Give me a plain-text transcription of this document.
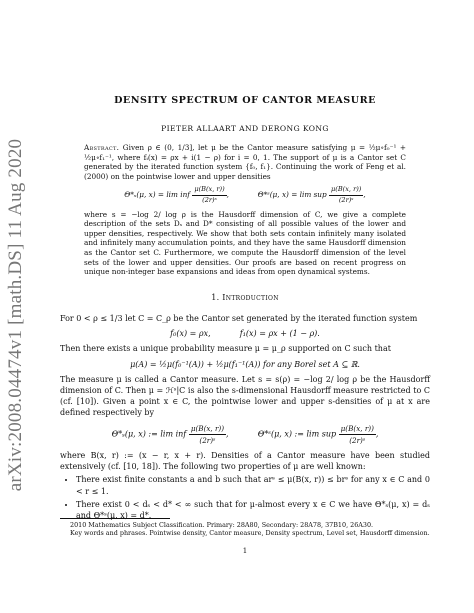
arXiv:2008.04474v1 [math.DS] 11 Aug 2020
DENSITY SPECTRUM OF CANTOR MEASURE
PIETER ALLAART AND DERONG KONG
Abstract. Given ρ ∈ (0, 1/3], let μ be the Cantor measure satisfying μ = ½μ∘f₀⁻¹ + ½μ∘f₁⁻¹, where fᵢ(x) = ρx + i(1 − ρ) for i = 0, 1. The support of μ is a Cantor set C generated by the iterated function system {f₀, f₁}. Continuing the work of Feng et al. (2000) on the pointwise lower and upper densities
Θ*ₛ(μ, x) = lim inf $\frac{\mu(B(x, r))}{\text{(2r)ˢ}}$ ,	Θ*ˢ(μ, x) = lim sup $\frac{\mu(B(x, r))}{\text{(2r)ˢ}}$ ,
where s = −log 2/ log ρ is the Hausdorff dimension of C, we give a complete description of the sets Dₛ and D* consisting of all possible values of the lower and upper densities, respectively. We show that both sets contain infinitely many isolated and infinitely many accumulation points, and they have the same Hausdorff dimension as the Cantor set C. Furthermore, we compute the Hausdorff dimension of the level sets of the lower and upper densities. Our proofs are based on recent progress on unique non-integer base expansions and ideas from open dynamical systems.
1. Introduction

For 0 < ρ ≤ 1/3 let C = C_ρ be the Cantor set generated by the iterated function system

f₀(x) = ρx,	f₁(x) = ρx + (1 − ρ).

Then there exists a unique probability measure μ = μ_ρ supported on C such that

μ(A) = ½μ(f₀⁻¹(A)) + ½μ(f₁⁻¹(A)) for any Borel set A ⊆ ℝ.

The measure μ is called a Cantor measure. Let s = s(ρ) = −log 2/ log ρ be the Hausdorff dimension of C. Then μ = ℋˢ|C is also the s-dimensional Hausdorff measure restricted to C (cf. [10]). Given a point x ∈ C, the pointwise lower and upper s-densities of μ at x are defined respectively by

Θ*ₛ(μ, x) := lim inf $\frac{\mu(B(x, r))}{\text{(2r)ˢ}}$ ,	Θ*ˢ(μ, x) := lim sup $\frac{\mu(B(x, r))}{\text{(2r)ˢ}}$ ,

where B(x, r) := (x − r, x + r). Densities of a Cantor measure have been studied extensively (cf. [10, 18]). The following two properties of μ are well known:

• There exist finite constants a and b such that arˢ ≤ μ(B(x, r)) ≤ brˢ for any x ∈ C and 0 < r ≤ 1.
• There exist 0 < dₛ < d* < ∞ such that for μ-almost every x ∈ C we have Θ*ₛ(μ, x) = dₛ and Θ*ˢ(μ, x) = d*.

2010 Mathematics Subject Classification. Primary: 28A80, Secondary: 28A78, 37B10, 26A30.

Key words and phrases. Pointwise density, Cantor measure, Density spectrum, Level set, Hausdorff dimension.

1
